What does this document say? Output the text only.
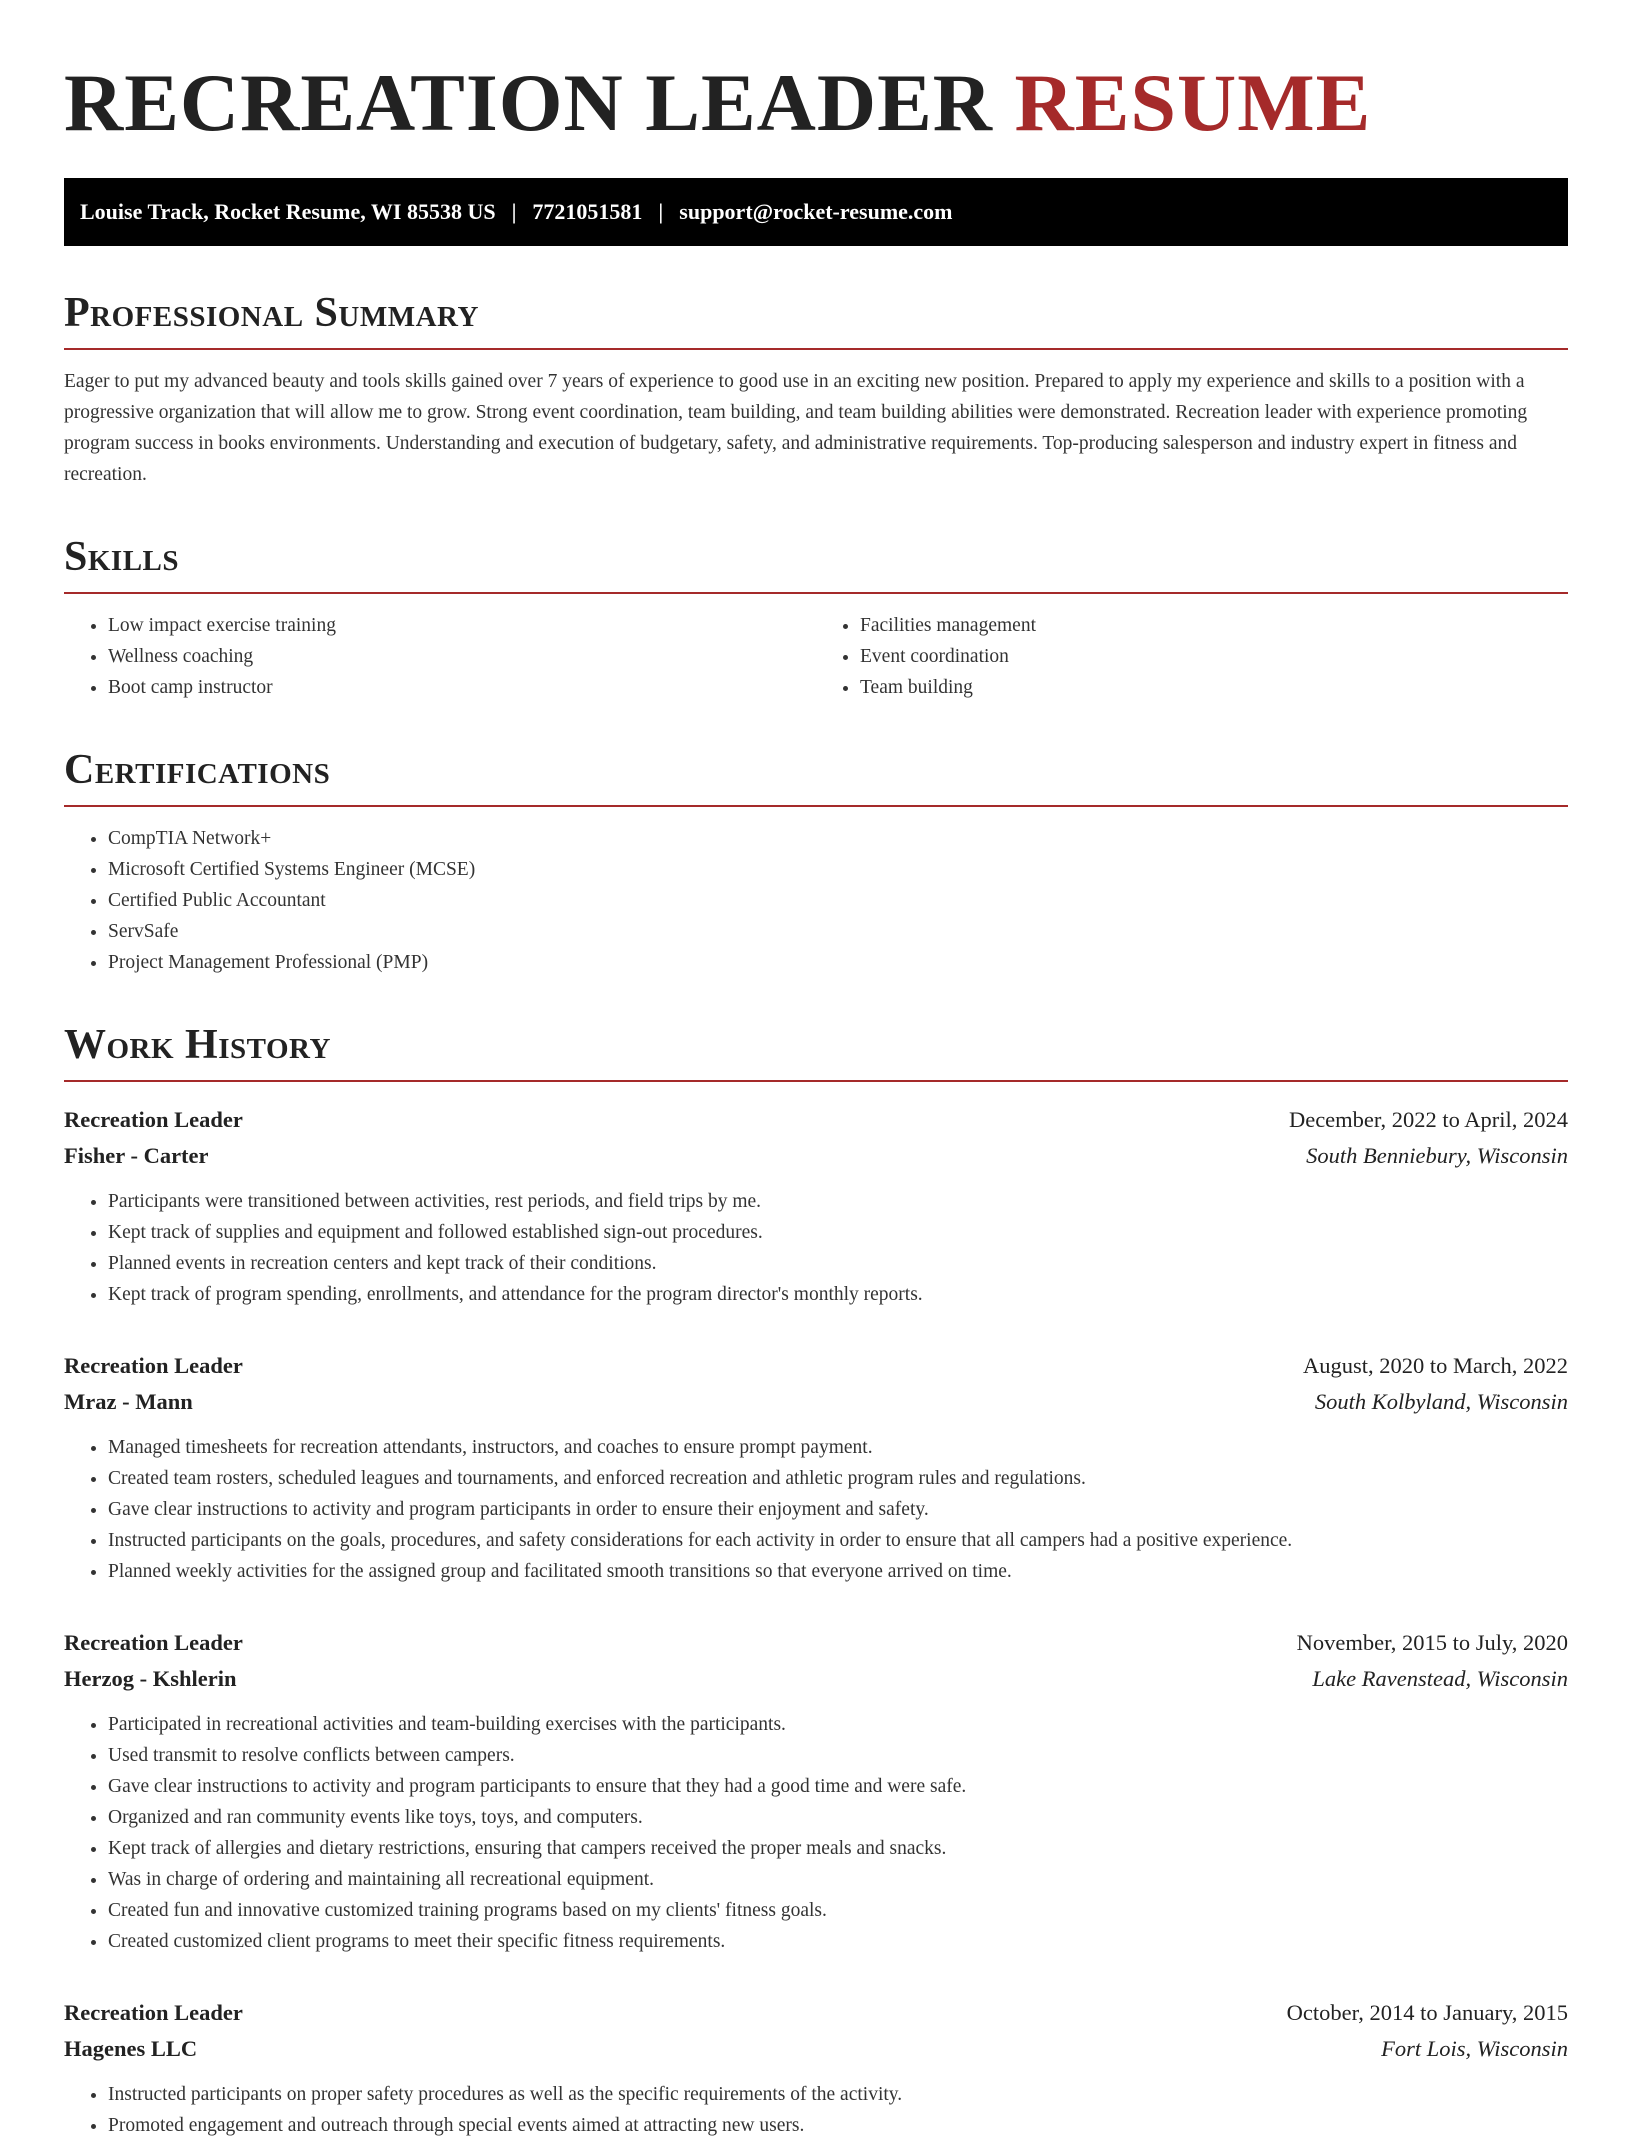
RECREATION LEADER RESUME
Louise Track, Rocket Resume, WI 85538 US | 7721051581 | support@rocket-resume.com
Professional Summary

Eager to put my advanced beauty and tools skills gained over 7 years of experience to good use in an exciting new position. Prepared to apply my experience and skills to a position with a progressive organization that will allow me to grow. Strong event coordination, team building, and team building abilities were demonstrated. Recreation leader with experience promoting program success in books environments. Understanding and execution of budgetary, safety, and administrative requirements. Top-producing salesperson and industry expert in fitness and recreation.

Skills
• Low impact exercise training
• Wellness coaching
• Boot camp instructor
• Facilities management
• Event coordination
• Team building
Certifications
• CompTIA Network+
• Microsoft Certified Systems Engineer (MCSE)
• Certified Public Accountant
• ServSafe
• Project Management Professional (PMP)
Work History
Recreation Leader	December, 2022 to April, 2024
Fisher - Carter	South Benniebury, Wisconsin
• Participants were transitioned between activities, rest periods, and field trips by me.
• Kept track of supplies and equipment and followed established sign-out procedures.
• Planned events in recreation centers and kept track of their conditions.
• Kept track of program spending, enrollments, and attendance for the program director's monthly reports.
Recreation Leader	August, 2020 to March, 2022
Mraz - Mann	South Kolbyland, Wisconsin
• Managed timesheets for recreation attendants, instructors, and coaches to ensure prompt payment.
• Created team rosters, scheduled leagues and tournaments, and enforced recreation and athletic program rules and regulations.
• Gave clear instructions to activity and program participants in order to ensure their enjoyment and safety.
• Instructed participants on the goals, procedures, and safety considerations for each activity in order to ensure that all campers had a positive experience.
• Planned weekly activities for the assigned group and facilitated smooth transitions so that everyone arrived on time.
Recreation Leader	November, 2015 to July, 2020
Herzog - Kshlerin	Lake Ravenstead, Wisconsin
• Participated in recreational activities and team-building exercises with the participants.
• Used transmit to resolve conflicts between campers.
• Gave clear instructions to activity and program participants to ensure that they had a good time and were safe.
• Organized and ran community events like toys, toys, and computers.
• Kept track of allergies and dietary restrictions, ensuring that campers received the proper meals and snacks.
• Was in charge of ordering and maintaining all recreational equipment.
• Created fun and innovative customized training programs based on my clients' fitness goals.
• Created customized client programs to meet their specific fitness requirements.
Recreation Leader	October, 2014 to January, 2015
Hagenes LLC	Fort Lois, Wisconsin
• Instructed participants on proper safety procedures as well as the specific requirements of the activity.
• Promoted engagement and outreach through special events aimed at attracting new users.
